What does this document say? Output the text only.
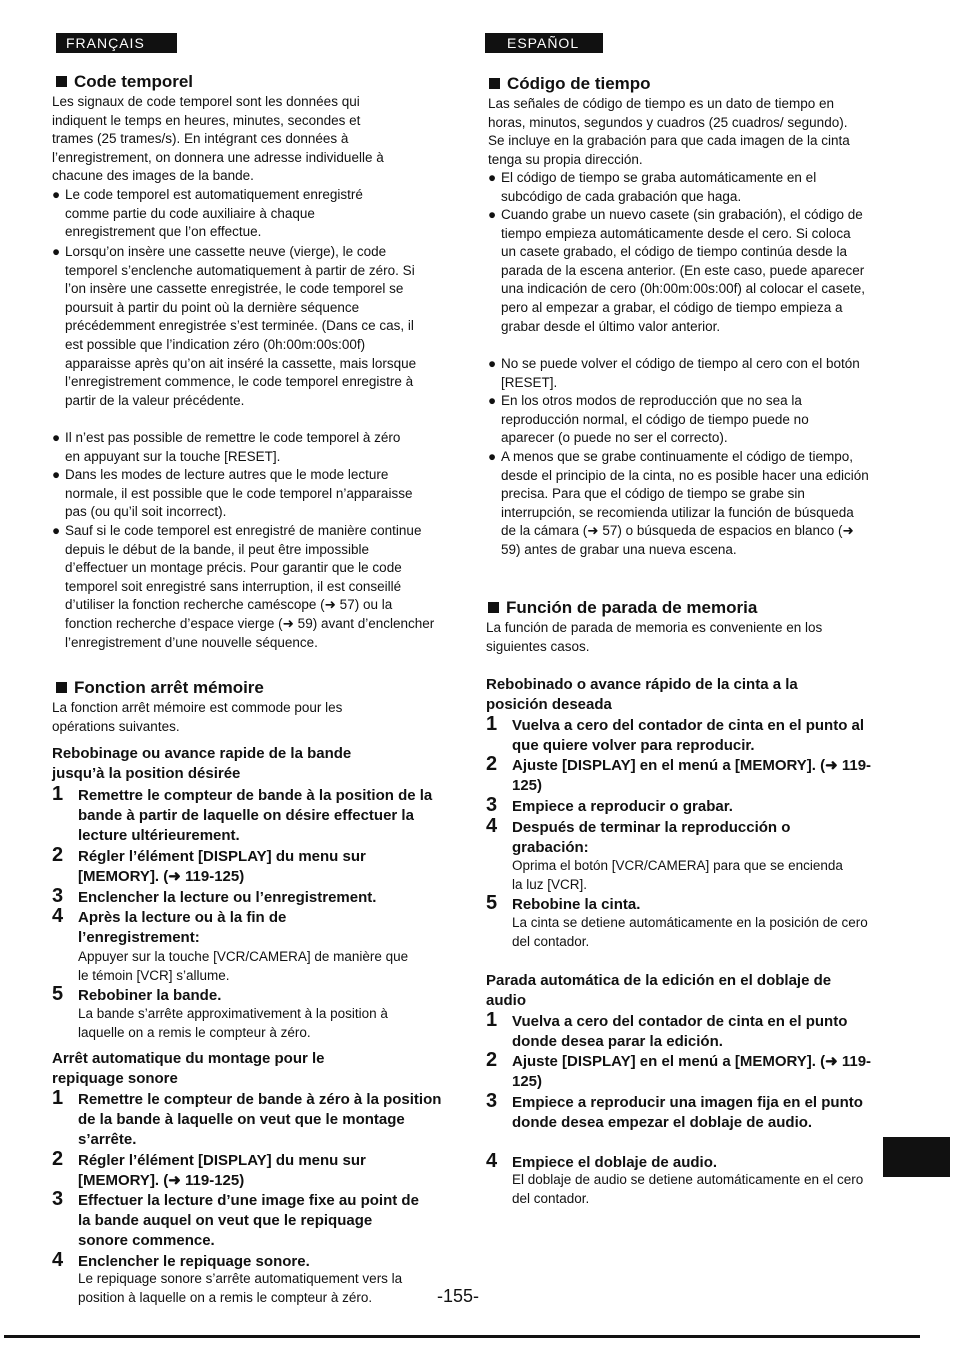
FRANÇAIS	ESPAÑOL
Code temporel
Les signaux de code temporel sont les données qui indiquent le temps en heures, minutes, secondes et trames (25 trames/s). En intégrant ces données à l’enregistrement, on donnera une adresse individuelle à chacune des images de la bande.
● Le code temporel est automatiquement enregistré comme partie du code auxiliaire à chaque enregistrement que l’on effectue.
● Lorsqu’on insère une cassette neuve (vierge), le code temporel s’enclenche automatiquement à partir de zéro. Si l’on insère une cassette enregistrée, le code temporel se poursuit à partir du point où la dernière séquence précédemment enregistrée s’est terminée. (Dans ce cas, il est possible que l’indication zéro (0h:00m:00s:00f) apparaisse après qu’on ait inséré la cassette, mais lorsque l’enregistrement commence, le code temporel enregistre à partir de la valeur précédente.
● Il n’est pas possible de remettre le code temporel à zéro en appuyant sur la touche [RESET].
● Dans les modes de lecture autres que le mode lecture normale, il est possible que le code temporel n’apparaisse pas (ou qu’il soit incorrect).
● Sauf si le code temporel est enregistré de manière continue depuis le début de la bande, il peut être impossible d’effectuer un montage précis. Pour garantir que le code temporel soit enregistré sans interruption, il est conseillé d’utiliser la fonction recherche caméscope (➜ 57) ou la fonction recherche d’espace vierge (➜ 59) avant d’enclencher l’enregistrement d’une nouvelle séquence.
Fonction arrêt mémoire
La fonction arrêt mémoire est commode pour les opérations suivantes.
Rebobinage ou avance rapide de la bande jusqu’à la position désirée
1 Remettre le compteur de bande à la position de la bande à partir de laquelle on désire effectuer la lecture ultérieurement.
2 Régler l’élément [DISPLAY] du menu sur [MEMORY]. (➜ 119-125)
3 Enclencher la lecture ou l’enregistrement.
4 Après la lecture ou à la fin de l’enregistrement:
Appuyer sur la touche [VCR/CAMERA] de manière que le témoin [VCR] s’allume.
5 Rebobiner la bande.
La bande s’arrête approximativement à la position à laquelle on a remis le compteur à zéro.
Arrêt automatique du montage pour le repiquage sonore
1 Remettre le compteur de bande à zéro à la position de la bande à laquelle on veut que le montage s’arrête.
2 Régler l’élément [DISPLAY] du menu sur [MEMORY]. (➜ 119-125)
3 Effectuer la lecture d’une image fixe au point de la bande auquel on veut que le repiquage sonore commence.
4 Enclencher le repiquage sonore.
Le repiquage sonore s’arrête automatiquement vers la position à laquelle on a remis le compteur à zéro.
Código de tiempo
Las señales de código de tiempo es un dato de tiempo en horas, minutos, segundos y cuadros (25 cuadros/ segundo). Se incluye en la grabación para que cada imagen de la cinta tenga su propia dirección.
● El código de tiempo se graba automáticamente en el subcódigo de cada grabación que haga.
● Cuando grabe un nuevo casete (sin grabación), el código de tiempo empieza automáticamente desde el cero. Si coloca un casete grabado, el código de tiempo continúa desde la parada de la escena anterior. (En este caso, puede aparecer una indicación de cero (0h:00m:00s:00f) al colocar el casete, pero al empezar a grabar, el código de tiempo empieza a grabar desde el último valor anterior.
● No se puede volver el código de tiempo al cero con el botón [RESET].
● En los otros modos de reproducción que no sea la reproducción normal, el código de tiempo puede no aparecer (o puede no ser el correcto).
● A menos que se grabe continuamente el código de tiempo, desde el principio de la cinta, no es posible hacer una edición precisa. Para que el código de tiempo se grabe sin interrupción, se recomienda utilizar la función de búsqueda de la cámara (➜ 57) o búsqueda de espacios en blanco (➜ 59) antes de grabar una nueva escena.
Función de parada de memoria
La función de parada de memoria es conveniente en los siguientes casos.
Rebobinado o avance rápido de la cinta a la posición deseada
1 Vuelva a cero del contador de cinta en el punto al que quiere volver para reproducir.
2 Ajuste [DISPLAY] en el menú a [MEMORY]. (➜ 119-125)
3 Empiece a reproducir o grabar.
4 Después de terminar la reproducción o grabación:
Oprima el botón [VCR/CAMERA] para que se encienda la luz [VCR].
5 Rebobine la cinta.
La cinta se detiene automáticamente en la posición de cero del contador.
Parada automática de la edición en el doblaje de audio
1 Vuelva a cero del contador de cinta en el punto donde desea parar la edición.
2 Ajuste [DISPLAY] en el menú a [MEMORY]. (➜ 119-125)
3 Empiece a reproducir una imagen fija en el punto donde desea empezar el doblaje de audio.
4 Empiece el doblaje de audio.
El doblaje de audio se detiene automáticamente en el cero del contador.
-155-
